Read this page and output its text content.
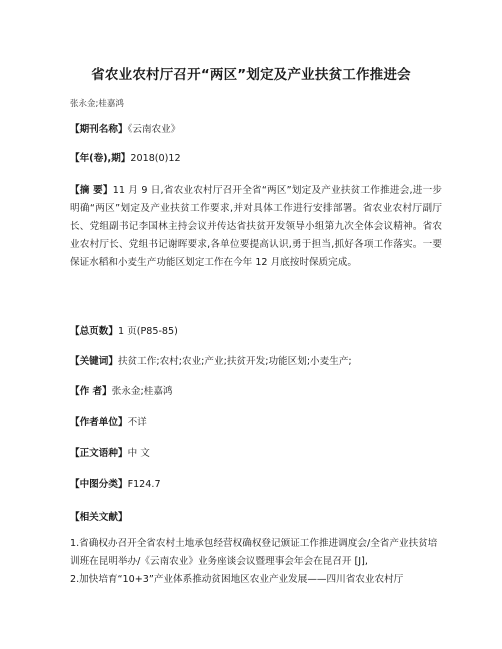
省农业农村厅召开“两区”划定及产业扶贫工作推进会
张永金;桂嘉鸿
【期刊名称】《云南农业》
【年(卷),期】2018(0)12
【摘 要】11 月 9 日,省农业农村厅召开全省“两区”划定及产业扶贫工作推进会,进一步明确“两区”划定及产业扶贫工作要求,并对具体工作进行安排部署。省农业农村厅副厅长、党组副书记李国林主持会议并传达省扶贫开发领导小组第九次全体会议精神。省农业农村厅长、党组书记谢晖要求,各单位要提高认识,勇于担当,抓好各项工作落实。一要保证水稻和小麦生产功能区划定工作在今年 12 月底按时保质完成。
【总页数】1 页(P85-85)
【关键词】扶贫工作;农村;农业;产业;扶贫开发;功能区划;小麦生产;
【作 者】张永金;桂嘉鸿
【作者单位】不详
【正文语种】中 文
【中图分类】F124.7
【相关文献】
1.省确权办召开全省农村土地承包经营权确权登记颁证工作推进调度会/全省产业扶贫培训班在昆明举办/《云南农业》业务座谈会议暨理事会年会在昆召开 [J],
2.加快培育“10+3”产业体系推动贫困地区农业产业发展——四川省农业农村厅
